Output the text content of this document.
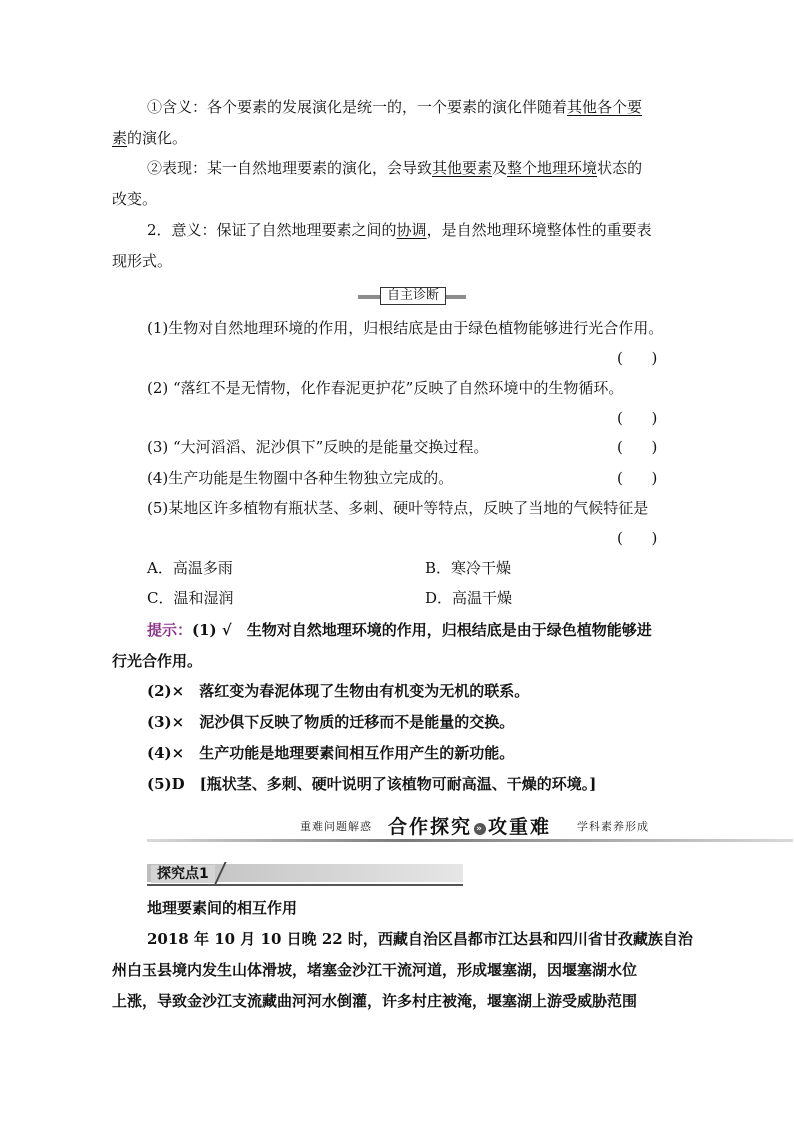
①含义：各个要素的发展演化是统一的，一个要素的演化伴随着其他各个要
素的演化。
②表现：某一自然地理要素的演化，会导致其他要素及整个地理环境状态的
改变。
2．意义：保证了自然地理要素之间的协调，是自然地理环境整体性的重要表
现形式。
自主诊断
(1)生物对自然地理环境的作用，归根结底是由于绿色植物能够进行光合作用。
(      )
(2) “落红不是无情物，化作春泥更护花”反映了自然环境中的生物循环。
(      )
(3) “大河滔滔、泥沙俱下”反映的是能量交换过程。	(      )
(4)生产功能是生物圈中各种生物独立完成的。	(      )
(5)某地区许多植物有瓶状茎、多刺、硬叶等特点，反映了当地的气候特征是
(      )
A．高温多雨	B．寒冷干燥
C．温和湿润	D．高温干燥
提示：(1) √　生物对自然地理环境的作用，归根结底是由于绿色植物能够进
行光合作用。
(2)×　落红变为春泥体现了生物由有机变为无机的联系。
(3)×　泥沙俱下反映了物质的迁移而不是能量的交换。
(4)×　生产功能是地理要素间相互作用产生的新功能。
(5)D　[瓶状茎、多刺、硬叶说明了该植物可耐高温、干燥的环境。]
重难问题解惑 合作探究 » 攻重难 学科素养形成
探究点1
地理要素间的相互作用
2018 年 10 月 10 日晚 22 时，西藏自治区昌都市江达县和四川省甘孜藏族自治
州白玉县境内发生山体滑坡，堵塞金沙江干流河道，形成堰塞湖，因堰塞湖水位
上涨，导致金沙江支流藏曲河河水倒灌，许多村庄被淹，堰塞湖上游受威胁范围
